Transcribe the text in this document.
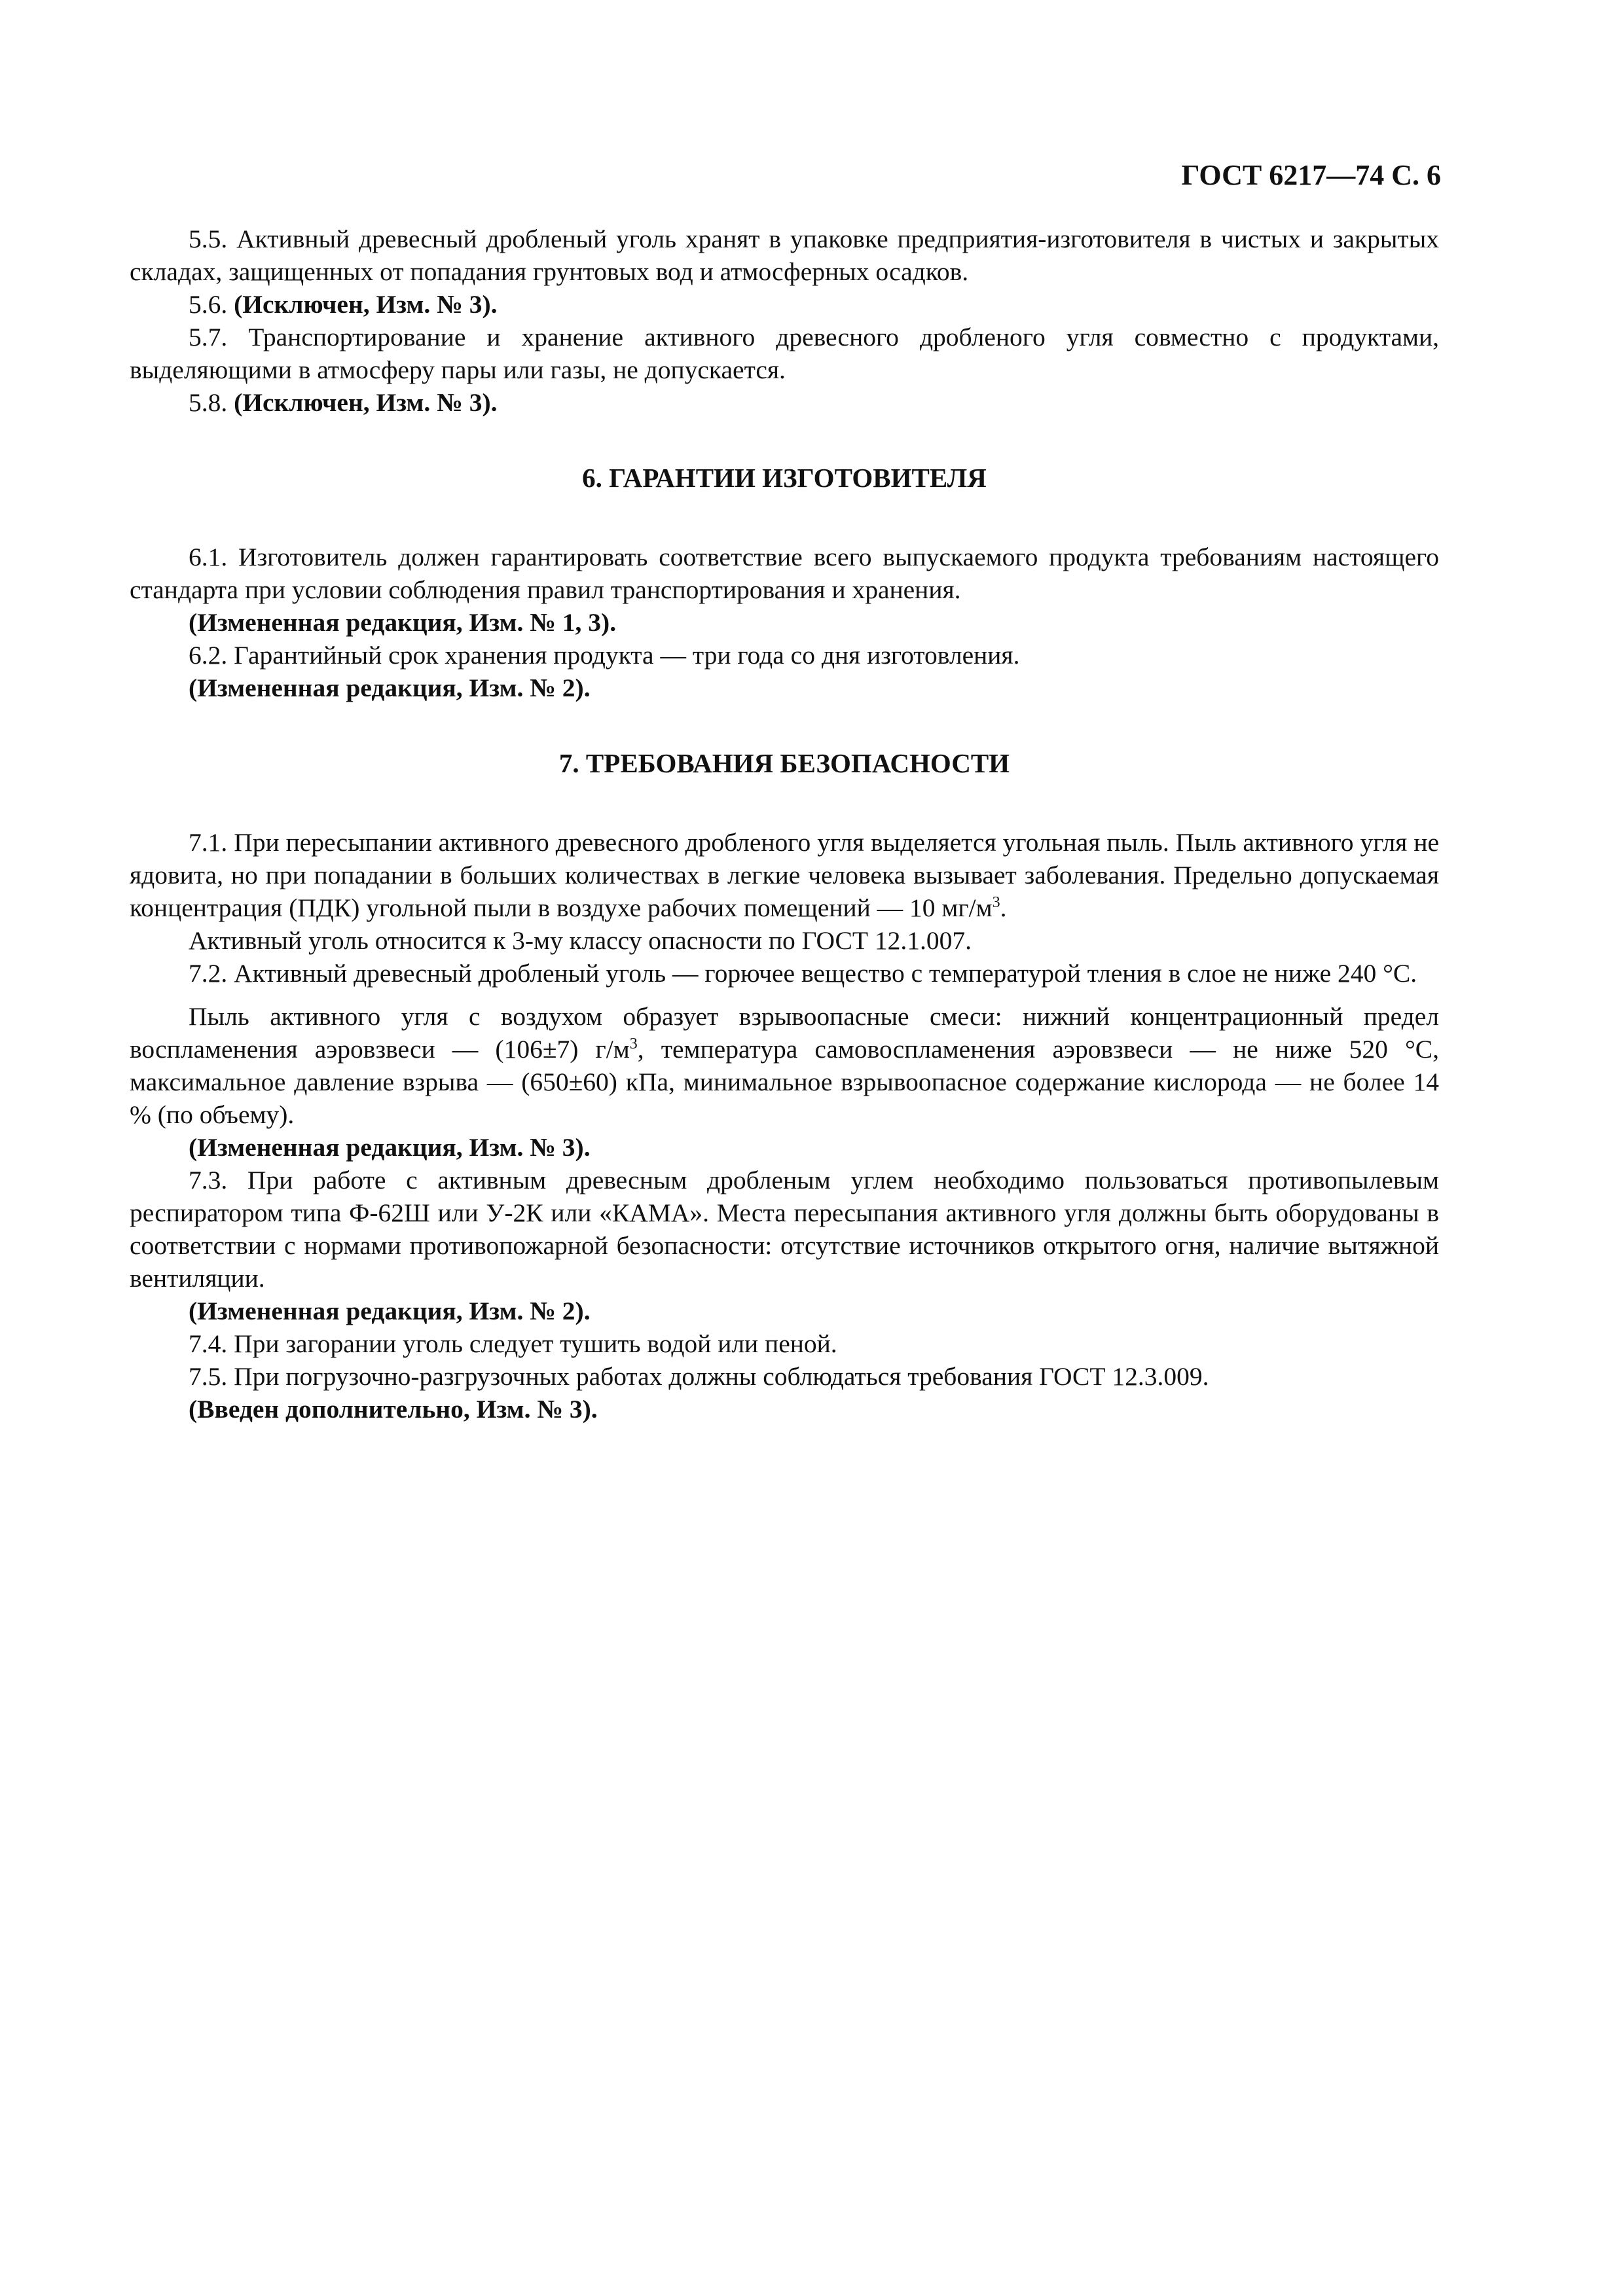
ГОСТ 6217—74 С. 6

5.5. Активный древесный дробленый уголь хранят в упаковке предприятия-изготовителя в чистых и закрытых складах, защищенных от попадания грунтовых вод и атмосферных осадков.

5.6. (Исключен, Изм. № 3).

5.7. Транспортирование и хранение активного древесного дробленого угля совместно с продуктами, выделяющими в атмосферу пары или газы, не допускается.

5.8. (Исключен, Изм. № 3).

6. ГАРАНТИИ ИЗГОТОВИТЕЛЯ

6.1. Изготовитель должен гарантировать соответствие всего выпускаемого продукта требованиям настоящего стандарта при условии соблюдения правил транспортирования и хранения.

(Измененная редакция, Изм. № 1, 3).

6.2. Гарантийный срок хранения продукта — три года со дня изготовления.

(Измененная редакция, Изм. № 2).

7. ТРЕБОВАНИЯ БЕЗОПАСНОСТИ

7.1. При пересыпании активного древесного дробленого угля выделяется угольная пыль. Пыль активного угля не ядовита, но при попадании в больших количествах в легкие человека вызывает заболевания. Предельно допускаемая концентрация (ПДК) угольной пыли в воздухе рабочих помещений — 10 $мг/м^3$.

Активный уголь относится к 3-му классу опасности по ГОСТ 12.1.007.

7.2. Активный древесный дробленый уголь — горючее вещество с температурой тления в слое не ниже 240 °С.

Пыль активного угля с воздухом образует взрывоопасные смеси: нижний концентрационный предел воспламенения аэровзвеси — (106±7) $г/м^3$, температура самовоспламенения аэровзвеси — не ниже 520 °С, максимальное давление взрыва — (650±60) кПа, минимальное взрывоопасное содержание кислорода — не более 14 % (по объему).

(Измененная редакция, Изм. № 3).

7.3. При работе с активным древесным дробленым углем необходимо пользоваться противопылевым респиратором типа Ф-62Ш или У-2К или «КАМА». Места пересыпания активного угля должны быть оборудованы в соответствии с нормами противопожарной безопасности: отсутствие источников открытого огня, наличие вытяжной вентиляции.

(Измененная редакция, Изм. № 2).

7.4. При загорании уголь следует тушить водой или пеной.

7.5. При погрузочно-разгрузочных работах должны соблюдаться требования ГОСТ 12.3.009.

(Введен дополнительно, Изм. № 3).
